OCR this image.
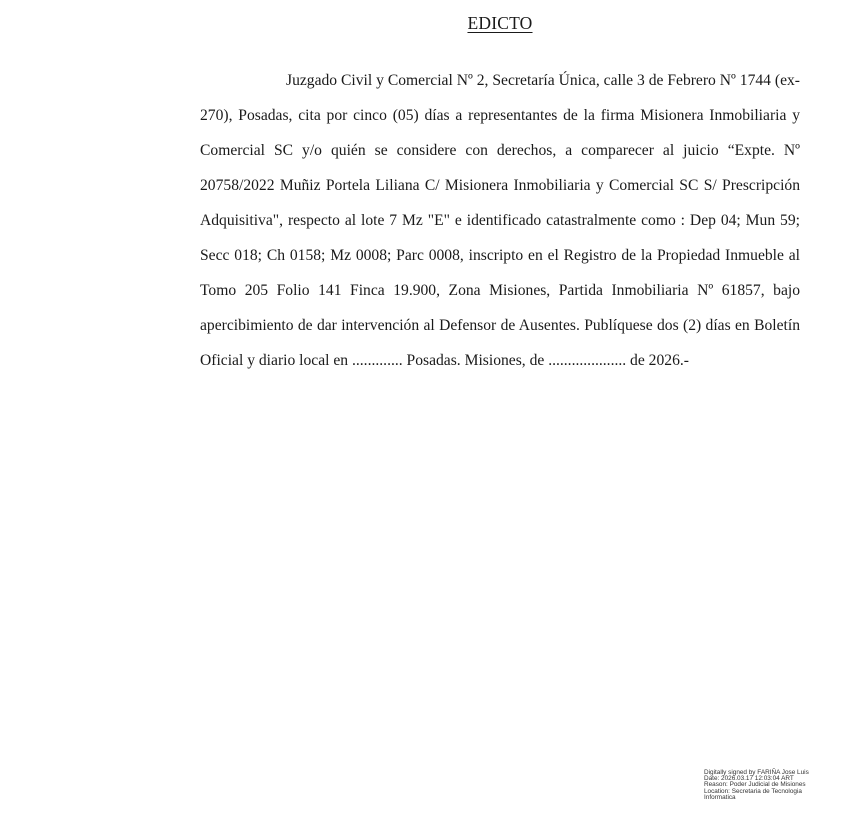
EDICTO

Juzgado Civil y Comercial Nº 2, Secretaría Única, calle 3 de Febrero Nº 1744 (ex-270), Posadas, cita por cinco (05) días a representantes de la firma Misionera Inmobiliaria y Comercial SC y/o quién se considere con derechos, a comparecer al juicio “Expte. Nº 20758/2022 Muñiz Portela Liliana C/ Misionera Inmobiliaria y Comercial SC S/ Prescripción Adquisitiva", respecto al lote 7 Mz "E" e identificado catastralmente como : Dep 04; Mun 59; Secc 018; Ch 0158; Mz 0008; Parc 0008, inscripto en el Registro de la Propiedad Inmueble al Tomo 205 Folio 141 Finca 19.900, Zona Misiones, Partida Inmobiliaria Nº 61857, bajo apercibimiento de dar intervención al Defensor de Ausentes. Publíquese dos (2) días en Boletín Oficial y diario local en ............. Posadas. Misiones, de .................... de 2026.-

Digitally signed by FARIÑA Jose Luis
Date: 2026.03.17 12:03:04 ART
Reason: Poder Judicial de Misiones
Location: Secretaria de Tecnologia
Informatica
